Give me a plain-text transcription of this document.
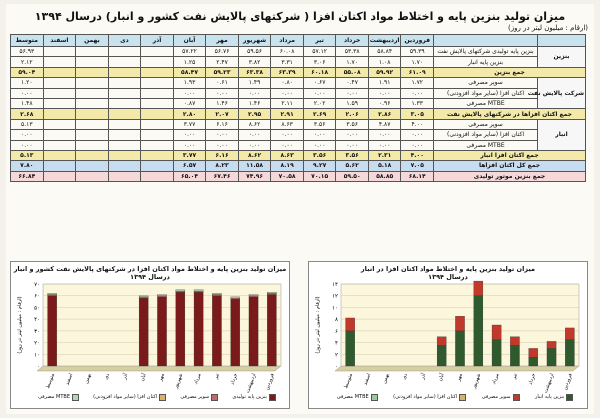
میزان تولید بنزین پایه و اختلاط مواد اکتان افزا ( شرکتهای پالایش نفت کشور و انبار) درسال ۱۳۹۴
(ارقام : میلیون لیتر در روز)
		فروردین	اردیبهشت	خرداد	تیر	مرداد	شهریور	مهر	آبان	آذر	دی	بهمن	اسفند	متوسط
بنزین	بنزین پایه تولیدی شرکتهای پالایش نفت	۵۹.۳۹	۵۸.۸۴	۵۳.۳۸	۵۷.۱۲	۶۰.۰۸	۵۹.۵۶	۵۶.۷۶	۵۷.۲۲					۵۶.۹۳
	بنزین پایه انبار	۱.۷۰	۱.۰۸	۱.۷۰	۳.۰۶	۳.۳۱	۳.۸۲	۲.۴۷	۱.۲۵					۲.۱۲
جمع بنزین		۶۱.۰۹	۵۹.۹۲	۵۵.۰۸	۶۰.۱۸	۶۳.۳۹	۶۳.۳۸	۵۹.۲۳	۵۸.۴۷					۵۹.۰۴
شرکت پالایش نفت	سوپر مصرفی	۱.۷۲	۱.۹۱	۰.۴۷	۰.۶۷	۰.۸۰	۱.۴۹	۰.۶۱	۱.۹۳					۱.۲۰
	اکتان افزا (سایر مواد افزودنی)	۰.۰۰	۰.۰۰	۰.۰۰	۰.۰۰	۰.۰۰	۰.۰۰	۰.۰۰	۰.۰۰					۰.۰۰
	MTBE مصرفی	۱.۳۳	۰.۹۶	۱.۵۹	۲.۰۲	۲.۱۱	۱.۴۶	۱.۴۶	۰.۸۷					۱.۴۸
جمع اکتان افزاها در شرکتهای پالایش نفت		۳.۰۵	۲.۸۶	۲.۰۶	۲.۶۹	۲.۹۱	۲.۹۵	۲.۰۷	۲.۸۰					۲.۶۸
انبار	سوپر مصرفی	۴.۰۰	۴.۸۷	۳.۵۶	۳.۵۶	۸.۶۳	۸.۶۲	۶.۱۶	۳.۷۷					۵.۱۳
	اکتان افزا (سایر مواد افزودنی)	۰.۰۰	۰.۰۰	۰.۰۰	۰.۰۰	۰.۰۰	۰.۰۰	۰.۰۰	۰.۰۰					۰.۰۰
	MTBE مصرفی	۰.۰۰	۰.۰۰	۰.۰۰	۰.۰۰	۰.۰۰	۰.۰۰	۰.۰۰	۰.۰۰					۰.۰۰
جمع اکتان افزا انبار		۴.۰۰	۲.۳۱	۳.۵۶	۳.۵۶	۸.۶۳	۸.۶۲	۶.۱۶	۳.۷۷					۵.۱۳
جمع کل اکتان افزاها		۷.۰۵	۵.۱۸	۵.۶۲	۹.۲۷	۸.۱۹	۱۱.۵۸	۸.۲۳	۶.۵۷					۷.۸۰
جمع بنزین موتور تولیدی		۶۸.۱۴	۵۸.۸۵	۵۹.۵۰	۷۰.۱۵	۷۰.۵۸	۷۴.۹۶	۶۷.۴۶	۶۵.۰۴					۶۶.۸۴
میزان تولید بنزین پایه و اختلاط مواد اکتان افزا در شرکتهای پالایش نفت کشور و انبار
درسال ۱۳۹۴
۰
۱۰
۲۰
۳۰
۴۰
۵۰
۶۰
۷۰
(ارقام : میلیون لیتر در روز)
فروردین
اردیبهشت
خرداد
تیر
مرداد
شهریور
مهر
آبان
آذر
دی
بهمن
اسفند
متوسط
بنزین پایه تولیدی
سوپر مصرفی
اکتان افزا (سایر مواد افزودنی)
MTBE مصرفی
میزان تولید بنزین پایه و اختلاط مواد اکتان افزا در انبار
درسال ۱۳۹۴
۰
۲
۴
۶
۸
۱۰
۱۲
۱۴
(ارقام : میلیون لیتر در روز)
فروردین
اردیبهشت
خرداد
تیر
مرداد
شهریور
مهر
آبان
آذر
دی
بهمن
اسفند
متوسط
بنزین پایه انبار
سوپر مصرفی
اکتان افزا (سایر مواد افزودنی)
MTBE مصرفی
